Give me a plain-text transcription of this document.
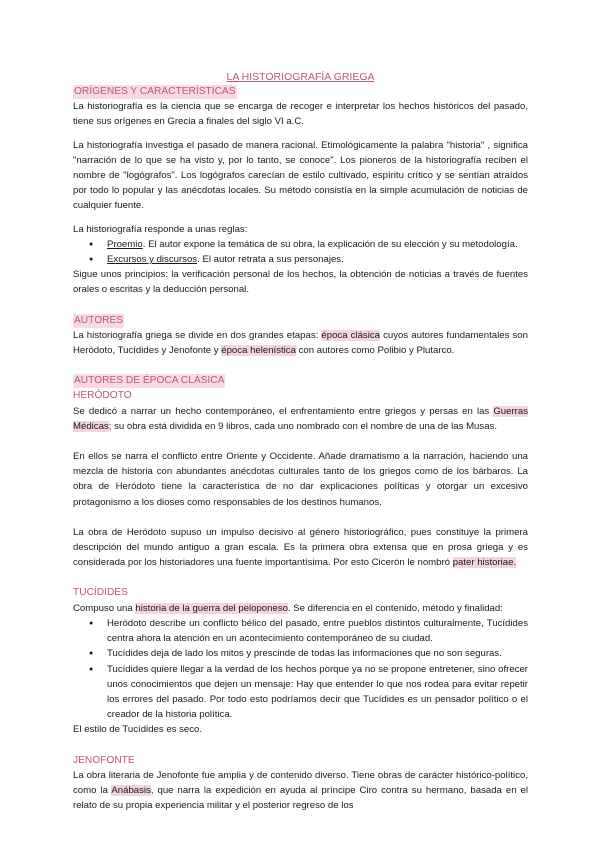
LA HISTORIOGRAFÍA GRIEGA
ORÍGENES Y CARACTERÍSTICAS

La historiografía es la ciencia que se encarga de recoger e interpretar los hechos históricos del pasado, tiene sus orígenes en Grecia a finales del siglo VI a.C.

La historiografía investiga el pasado de manera racional. Etimológicamente la palabra "historia" , significa "narración de lo que se ha visto y, por lo tanto, se conoce". Los pioneros de la historiografía reciben el nombre de "logógrafos". Los logógrafos carecían de estilo cultivado, espíritu crítico y se sentían atraídos por todo lo popular y las anécdotas locales. Su método consistía en la simple acumulación de noticias de cualquier fuente.

La historiografía responde a unas reglas:

● Proemio. El autor expone la temática de su obra, la explicación de su elección y su metodología.
● Excursos y discursos. El autor retrata a sus personajes.

Sigue unos principios: la verificación personal de los hechos, la obtención de noticias a través de fuentes orales o escritas y la deducción personal.

AUTORES

La historiografía griega se divide en dos grandes etapas: época clásica cuyos autores fundamentales son Heródoto, Tucídides y Jenofonte y época helenística con autores como Polibio y Plutarco.

AUTORES DE ÉPOCA CLÁSICA
HERÓDOTO

Se dedicó a narrar un hecho contemporáneo, el enfrentamiento entre griegos y persas en las Guerras Médicas; su obra está dividida en 9 libros, cada uno nombrado con el nombre de una de las Musas.

En ellos se narra el conflicto entre Oriente y Occidente. Añade dramatismo a la narración, haciendo una mezcla de historia con abundantes anécdotas culturales tanto de los griegos como de los bárbaros. La obra de Heródoto tiene la característica de no dar explicaciones políticas y otorgar un excesivo protagonismo a los dioses como responsables de los destinos humanos.

La obra de Heródoto supuso un impulso decisivo al género historiográfico, pues constituye la primera descripción del mundo antiguo a gran escala. Es la primera obra extensa que en prosa griega y es considerada por los historiadores una fuente importantísima. Por esto Cicerón le nombró pater historiae.

TUCÍDIDES

Compuso una historia de la guerra del peloponeso. Se diferencia en el contenido, método y finalidad:

● Heródoto describe un conflicto bélico del pasado, entre pueblos distintos culturalmente, Tucídides centra ahora la atención en un acontecimiento contemporáneo de su ciudad.
● Tucídides deja de lado los mitos y prescinde de todas las informaciones que no son seguras.
● Tucídides quiere llegar a la verdad de los hechos porque ya no se propone entretener, sino ofrecer unos conocimientos que dejen un mensaje: Hay que entender lo que nos rodea para evitar repetir los errores del pasado. Por todo esto podríamos decir que Tucídides es un pensador político o el creador de la historia política.

El estilo de Tucídides es seco.

JENOFONTE

La obra literaria de Jenofonte fue amplia y de contenido diverso. Tiene obras de carácter histórico-político, como la Anábasis, que narra la expedición en ayuda al príncipe Ciro contra su hermano, basada en el relato de su propia experiencia militar y el posterior regreso de los
